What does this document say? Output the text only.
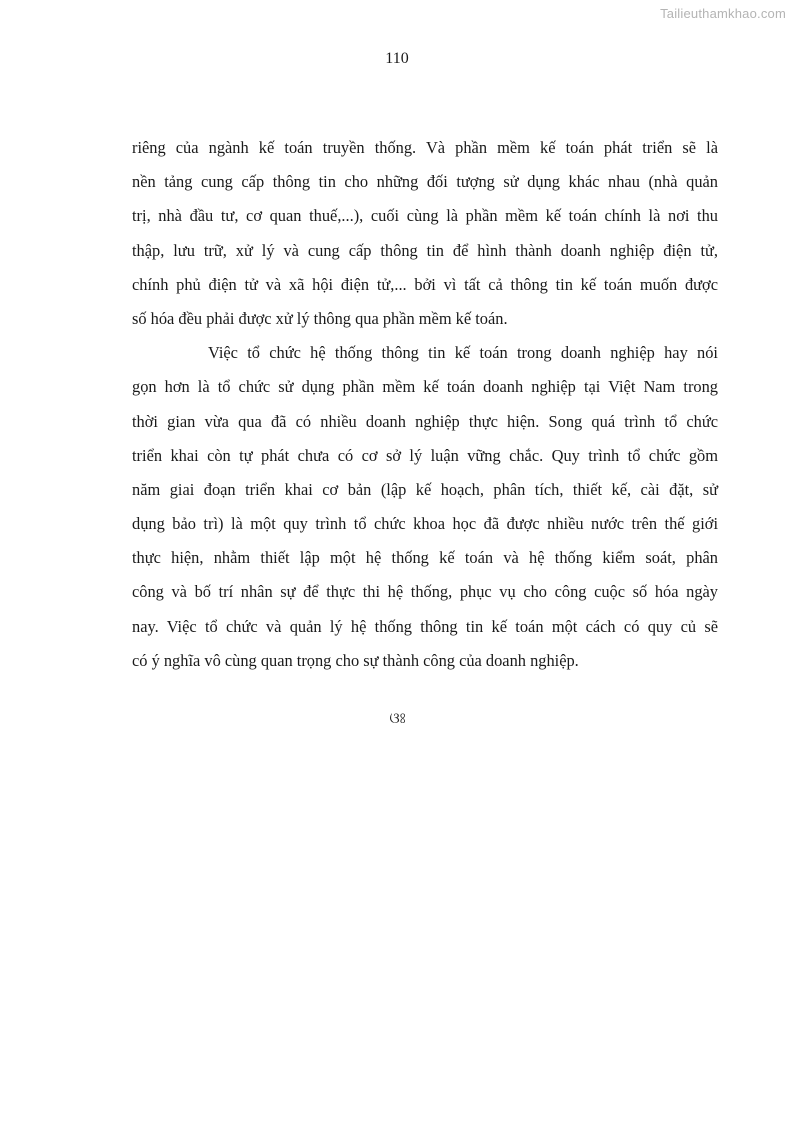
Tailieuthamkhao.com
110
riêng của ngành kế toán truyền thống. Và phần mềm kế toán phát triển sẽ là
nền tảng cung cấp thông tin cho những đối tượng sử dụng khác nhau (nhà quản
trị, nhà đầu tư, cơ quan thuế,...), cuối cùng là phần mềm kế toán chính là nơi thu
thập, lưu trữ, xử lý và cung cấp thông tin để hình thành doanh nghiệp điện tử,
chính phủ điện tử và xã hội điện tử,... bởi vì tất cả thông tin kế toán muốn được
số hóa đều phải được xử lý thông qua phần mềm kế toán.
Việc tổ chức hệ thống thông tin kế toán trong doanh nghiệp hay nói
gọn hơn là tổ chức sử dụng phần mềm kế toán doanh nghiệp tại Việt Nam trong
thời gian vừa qua đã có nhiều doanh nghiệp thực hiện. Song quá trình tổ chức
triển khai còn tự phát chưa có cơ sở lý luận vững chắc. Quy trình tổ chức gồm
năm giai đoạn triển khai cơ bản (lập kế hoạch, phân tích, thiết kế, cài đặt, sử
dụng bảo trì) là một quy trình tổ chức khoa học đã được nhiều nước trên thế giới
thực hiện, nhằm thiết lập một hệ thống kế toán và hệ thống kiểm soát, phân
công và bố trí nhân sự để thực thi hệ thống, phục vụ cho công cuộc số hóa ngày
nay. Việc tổ chức và quản lý hệ thống thông tin kế toán một cách có quy củ sẽ
có ý nghĩa vô cùng quan trọng cho sự thành công của doanh nghiệp.
ଓଃ
